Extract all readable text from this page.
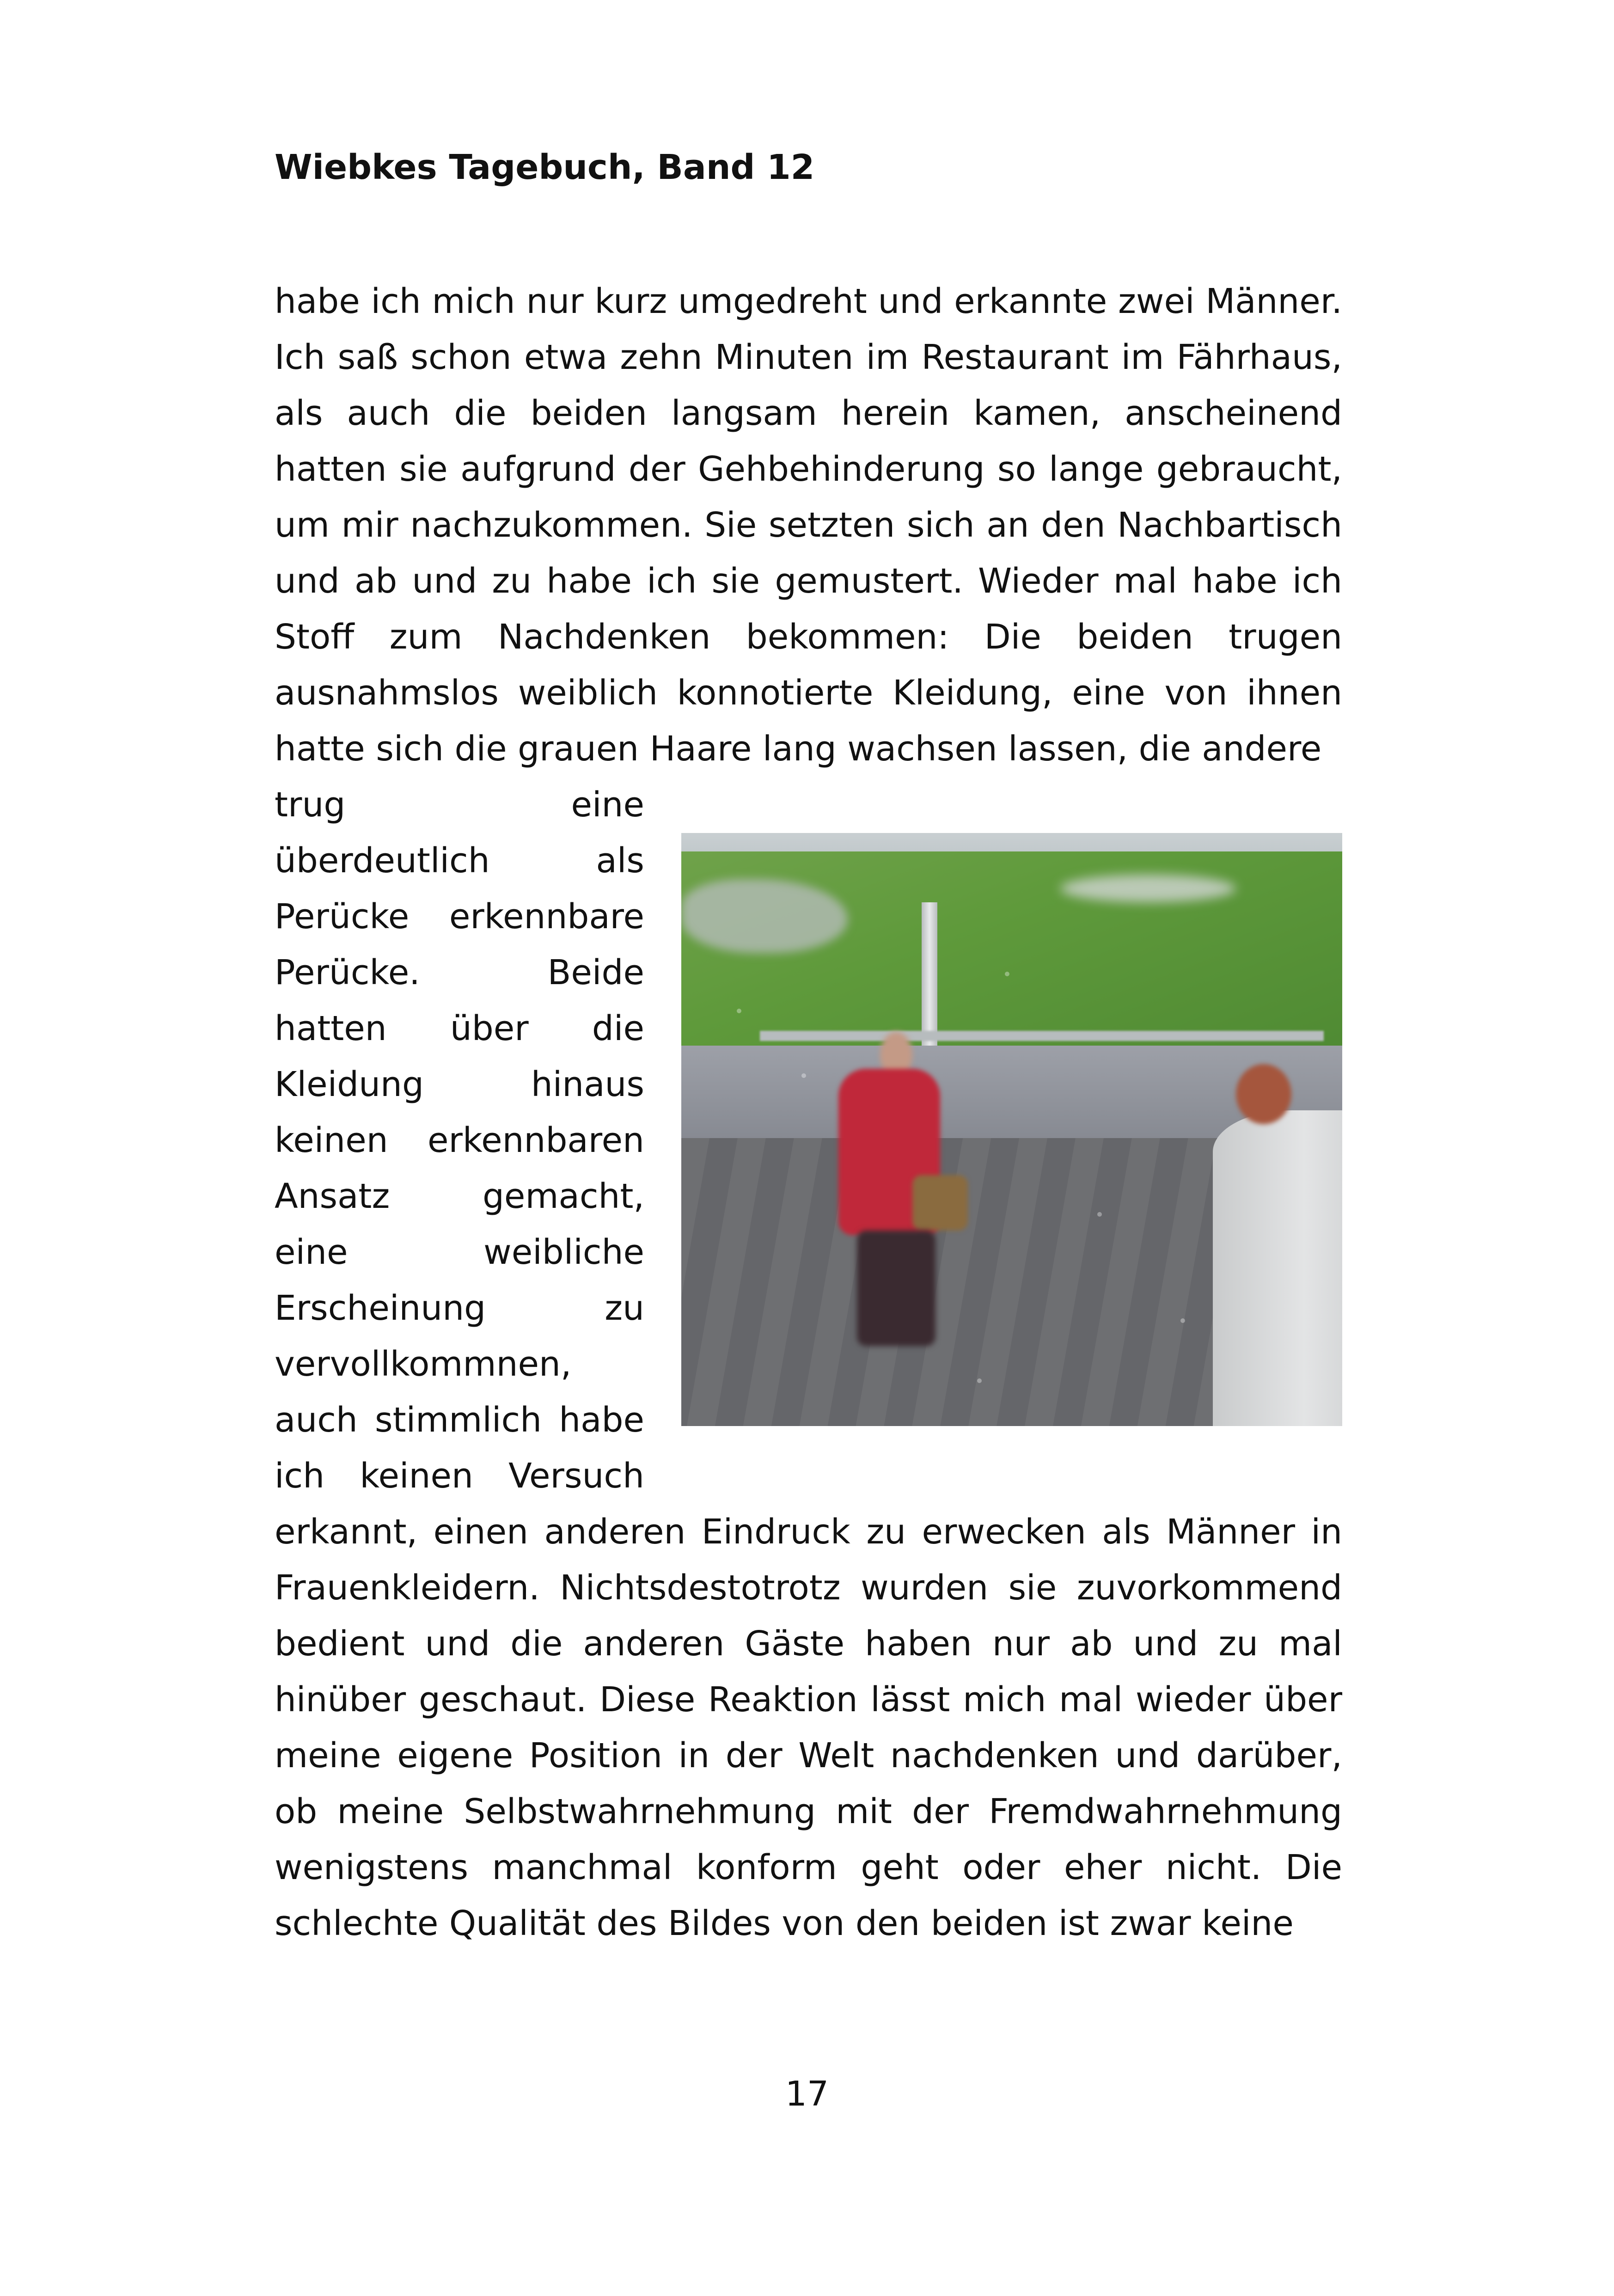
Wiebkes Tagebuch, Band 12

habe ich mich nur kurz umgedreht und erkannte zwei Männer. Ich saß schon etwa zehn Minuten im Restaurant im Fährhaus, als auch die beiden langsam herein kamen, anscheinend hatten sie aufgrund der Gehbehinderung so lange gebraucht, um mir nachzukommen. Sie setzten sich an den Nachbartisch und ab und zu habe ich sie gemustert. Wieder mal habe ich Stoff zum Nachdenken bekommen: Die beiden trugen ausnahmslos weiblich konnotierte Kleidung, eine von ihnen hatte sich die grauen Haare lang wachsen lassen, die andere

trug eine überdeutlich als Perücke erkennbare Perücke. Beide hatten über die Kleidung hinaus keinen erkennbaren Ansatz gemacht, eine weibliche Erscheinung zu vervollkommnen, auch stimmlich habe ich keinen Versuch erkannt, einen anderen Eindruck zu erwecken als Männer in Frauenkleidern. Nichtsdestotrotz wurden sie zuvorkommend bedient und die anderen Gäste haben nur ab und zu mal hinüber geschaut. Diese Reaktion lässt mich mal wieder über meine eigene Position in der Welt nachdenken und darüber, ob meine Selbstwahrnehmung mit der Fremdwahrnehmung wenigstens manchmal konform geht oder eher nicht. Die schlechte Qualität des Bildes von den beiden ist zwar keine

17
